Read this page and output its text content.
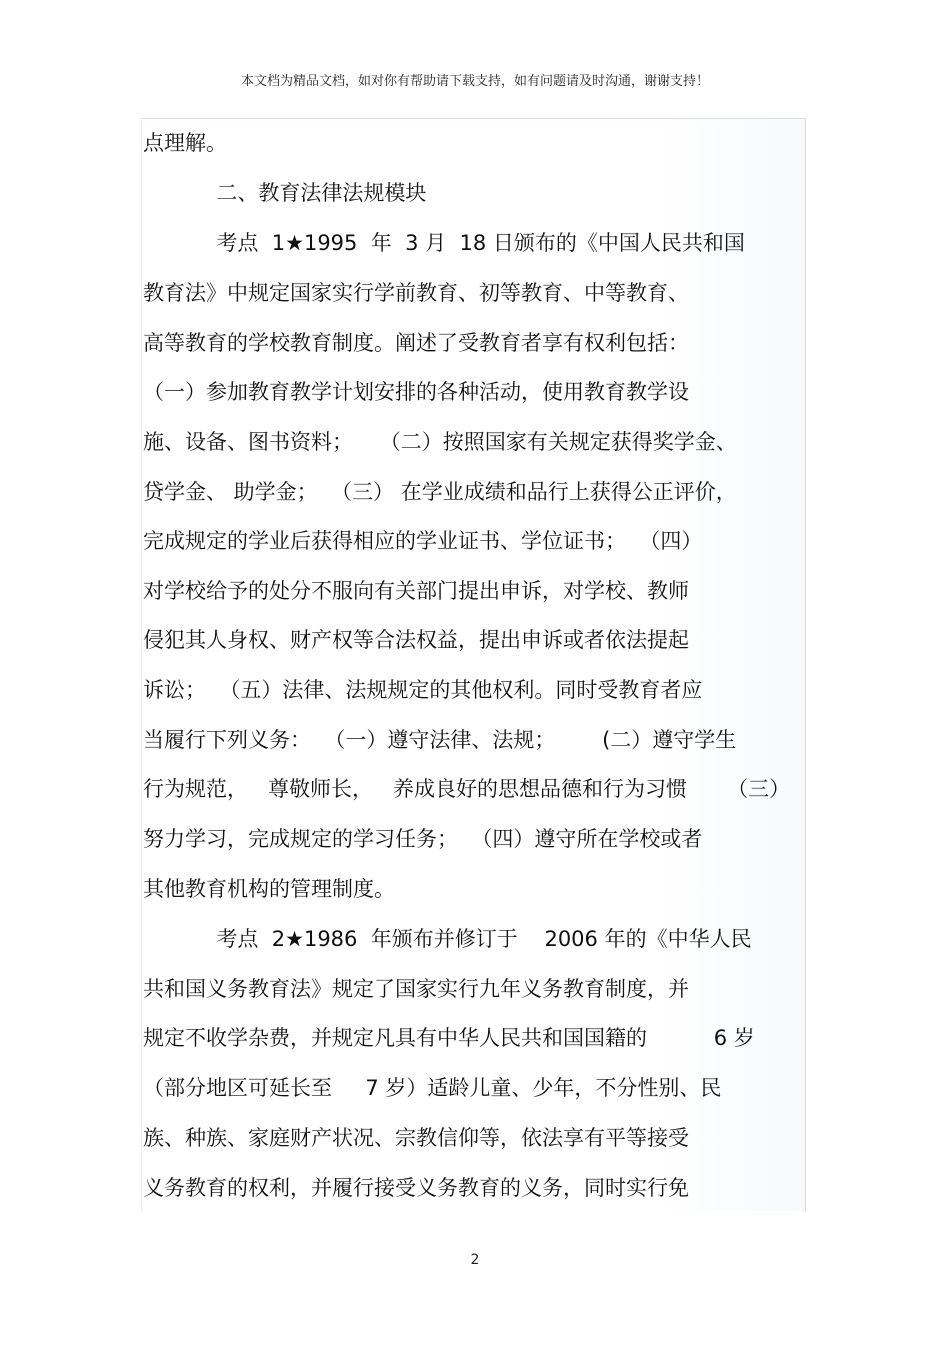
本文档为精品文档，如对你有帮助请下载支持，如有问题请及时沟通，谢谢支持！
点理解。
二、教育法律法规模块
考点  1★1995  年  3 月  18 日颁布的《中国人民共和国
教育法》中规定国家实行学前教育、初等教育、中等教育、
高等教育的学校教育制度。阐述了受教育者享有权利包括：
（一）参加教育教学计划安排的各种活动，使用教育教学设
施、设备、图书资料；    （二）按照国家有关规定获得奖学金、
贷学金、 助学金；  （三） 在学业成绩和品行上获得公正评价，
完成规定的学业后获得相应的学业证书、学位证书；  （四）
对学校给予的处分不服向有关部门提出申诉，对学校、教师
侵犯其人身权、财产权等合法权益，提出申诉或者依法提起
诉讼；  （五）法律、法规规定的其他权利。同时受教育者应
当履行下列义务：  （一）遵守法律、法规；       (二）遵守学生
行为规范，   尊敬师长，   养成良好的思想品德和行为习惯      （三）
努力学习，完成规定的学习任务；  （四）遵守所在学校或者
其他教育机构的管理制度。
考点  2★1986  年颁布并修订于    2006 年的《中华人民
共和国义务教育法》规定了国家实行九年义务教育制度，并
规定不收学杂费，并规定凡具有中华人民共和国国籍的          6 岁
（部分地区可延长至     7 岁）适龄儿童、少年，不分性别、民
族、种族、家庭财产状况、宗教信仰等，依法享有平等接受
义务教育的权利，并履行接受义务教育的义务，同时实行免
2
